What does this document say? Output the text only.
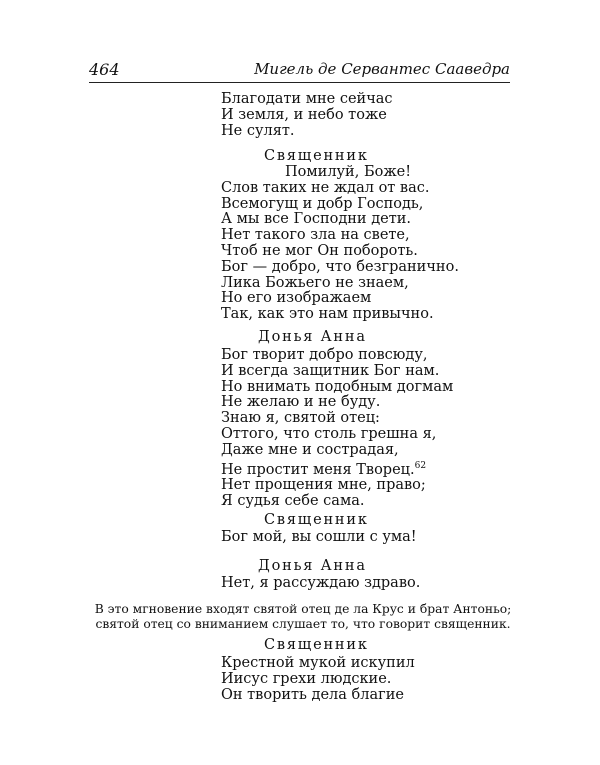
464	Мигель де Сервантес Сааведра
Благодати мне сейчас
И земля, и небо тоже
Не сулят.
Священник
Помилуй, Боже!
Слов таких не ждал от вас.
Всемогущ и добр Господь,
А мы все Господни дети.
Нет такого зла на свете,
Чтоб не мог Он побороть.
Бог — добро, что безгранично.
Лика Божьего не знаем,
Но его изображаем
Так, как это нам привычно.
Донья Анна
Бог творит добро повсюду,
И всегда защитник Бог нам.
Но внимать подобным догмам
Не желаю и не буду.
Знаю я, святой отец:
Оттого, что столь грешна я,
Даже мне и сострадая,
Не простит меня Творец.$^{62}$
Нет прощения мне, право;
Я судья себе сама.
Священник
Бог мой, вы сошли с ума!
Донья Анна
Нет, я рассуждаю здраво.
В это мгновение входят святой отец де ла Крус и брат Антоньо; святой отец со вниманием слушает то, что говорит священник.
Священник
Крестной мукой искупил
Иисус грехи людские.
Он творить дела благие
